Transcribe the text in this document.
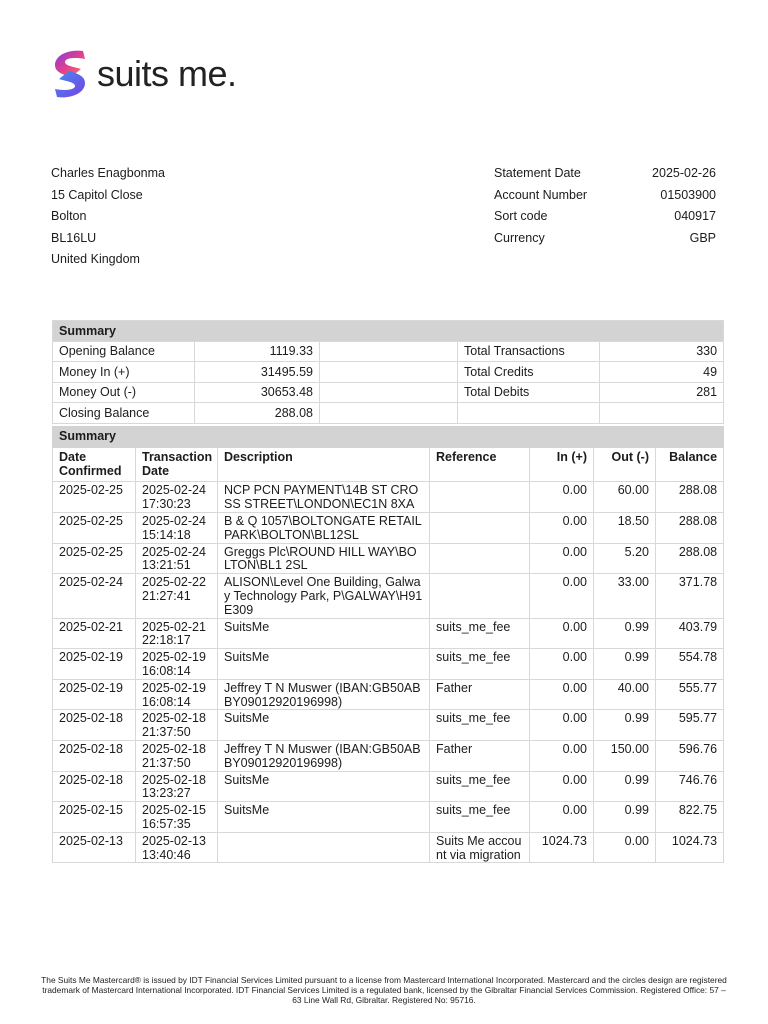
suits me.
Charles Enagbonma
15 Capitol Close
Bolton
BL16LU
United Kingdom
Statement Date	2025-02-26
Account Number	01503900
Sort code	040917
Currency	GBP
Summary				
Opening Balance	1119.33		Total Transactions	330
Money In (+)	31495.59		Total Credits	49
Money Out (-)	30653.48		Total Debits	281
Closing Balance	288.08			
Summary						
Date Confirmed	Transaction Date	Description	Reference	In (+)	Out (-)	Balance
2025-02-25	2025-02-24 17:30:23	NCP PCN PAYMENT\14B ST CROSS STREET\LONDON\EC1N 8XA		0.00	60.00	288.08
2025-02-25	2025-02-24 15:14:18	B & Q 1057\BOLTONGATE RETAIL PARK\BOLTON\BL12SL		0.00	18.50	288.08
2025-02-25	2025-02-24 13:21:51	Greggs Plc\ROUND HILL WAY\BOLTON\BL1 2SL		0.00	5.20	288.08
2025-02-24	2025-02-22 21:27:41	ALISON\Level One Building, Galway Technology Park, P\GALWAY\H91 E309		0.00	33.00	371.78
2025-02-21	2025-02-21 22:18:17	SuitsMe	suits_me_fee	0.00	0.99	403.79
2025-02-19	2025-02-19 16:08:14	SuitsMe	suits_me_fee	0.00	0.99	554.78
2025-02-19	2025-02-19 16:08:14	Jeffrey T N Muswer (IBAN:GB50ABBY09012920196998)	Father	0.00	40.00	555.77
2025-02-18	2025-02-18 21:37:50	SuitsMe	suits_me_fee	0.00	0.99	595.77
2025-02-18	2025-02-18 21:37:50	Jeffrey T N Muswer (IBAN:GB50ABBY09012920196998)	Father	0.00	150.00	596.76
2025-02-18	2025-02-18 13:23:27	SuitsMe	suits_me_fee	0.00	0.99	746.76
2025-02-15	2025-02-15 16:57:35	SuitsMe	suits_me_fee	0.00	0.99	822.75
2025-02-13	2025-02-13 13:40:46		Suits Me account via migration	1024.73	0.00	1024.73
The Suits Me Mastercard® is issued by IDT Financial Services Limited pursuant to a license from Mastercard International Incorporated. Mastercard and the circles design are registered trademark of Mastercard International Incorporated. IDT Financial Services Limited is a regulated bank, licensed by the Gibraltar Financial Services Commission. Registered Office: 57 – 63 Line Wall Rd, Gibraltar. Registered No: 95716.
